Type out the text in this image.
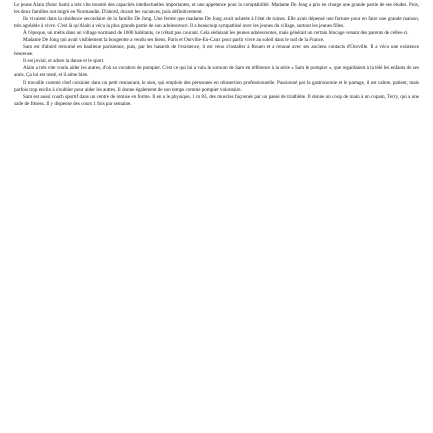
Le jeune Alain (futur Sam) a très vite montré des capacités intellectuelles importantes, et une appétence pour la comptabilité. Madame De Jong a pris en charge une grande partie de ses études. Puis, les deux familles ont migré en Normandie. D'abord, durant les vacances, puis définitivement.

Ils vivaient dans la résidence secondaire de la famille De Jong. Une ferme que madame De Jong avait achetée à l'état de ruines. Elle avait dépensé une fortune pour en faire une grande maison, très agréable à vivre. C'est là qu'Alain a vécu la plus grande partie de son adolescence. Il a beaucoup sympathisé avec les jeunes du village, surtout les jeunes filles.

À l'époque, un métis dans un village normand de 1000 habitants, ce n'était pas courant. Cela séduisait les jeunes adolescentes, mais générait un certain blocage venant des parents de celles-ci.

Madame De Jong qui avait visiblement la bougeotte a vendu ses biens, Paris et Ourville-En-Caux pour partir vivre au soleil dans le sud de la France.

Sam est d'abord retourné en banlieue parisienne, puis, par les hasards de l'existence, il est venu s'installer à Rouen et a renoué avec ses anciens contacts d'Ourville. Il a vécu une existence heureuse.

Il est jovial, et adore la danse et le sport.

Alain a très vite voulu aider les autres, d'où sa vocation de pompier. C'est ce qui lui a valu le surnom de Sam en référence à la série « Sam le pompier », que regardaient à la télé les enfants de ses amis. Ça lui est resté, et il aime bien.

Il travaille comme chef cuisinier dans un petit restaurant, le sien, qui emploie des personnes en réinsertion professionnelle. Passionné par la gastronomie et le partage, il est calme, patient, mais parfois trop enclin à s'oublier pour aider les autres. Il donne également de son temps comme pompier volontaire.

Sam est aussi coach sportif dans un centre de remise en forme. Il en a le physique, 1 m 83, des muscles façonnés par un passé de triathlète. Il donne un coup de main à un copain, Terry, qui a une salle de fitness. Il y dispense des cours 1 fois par semaine.
